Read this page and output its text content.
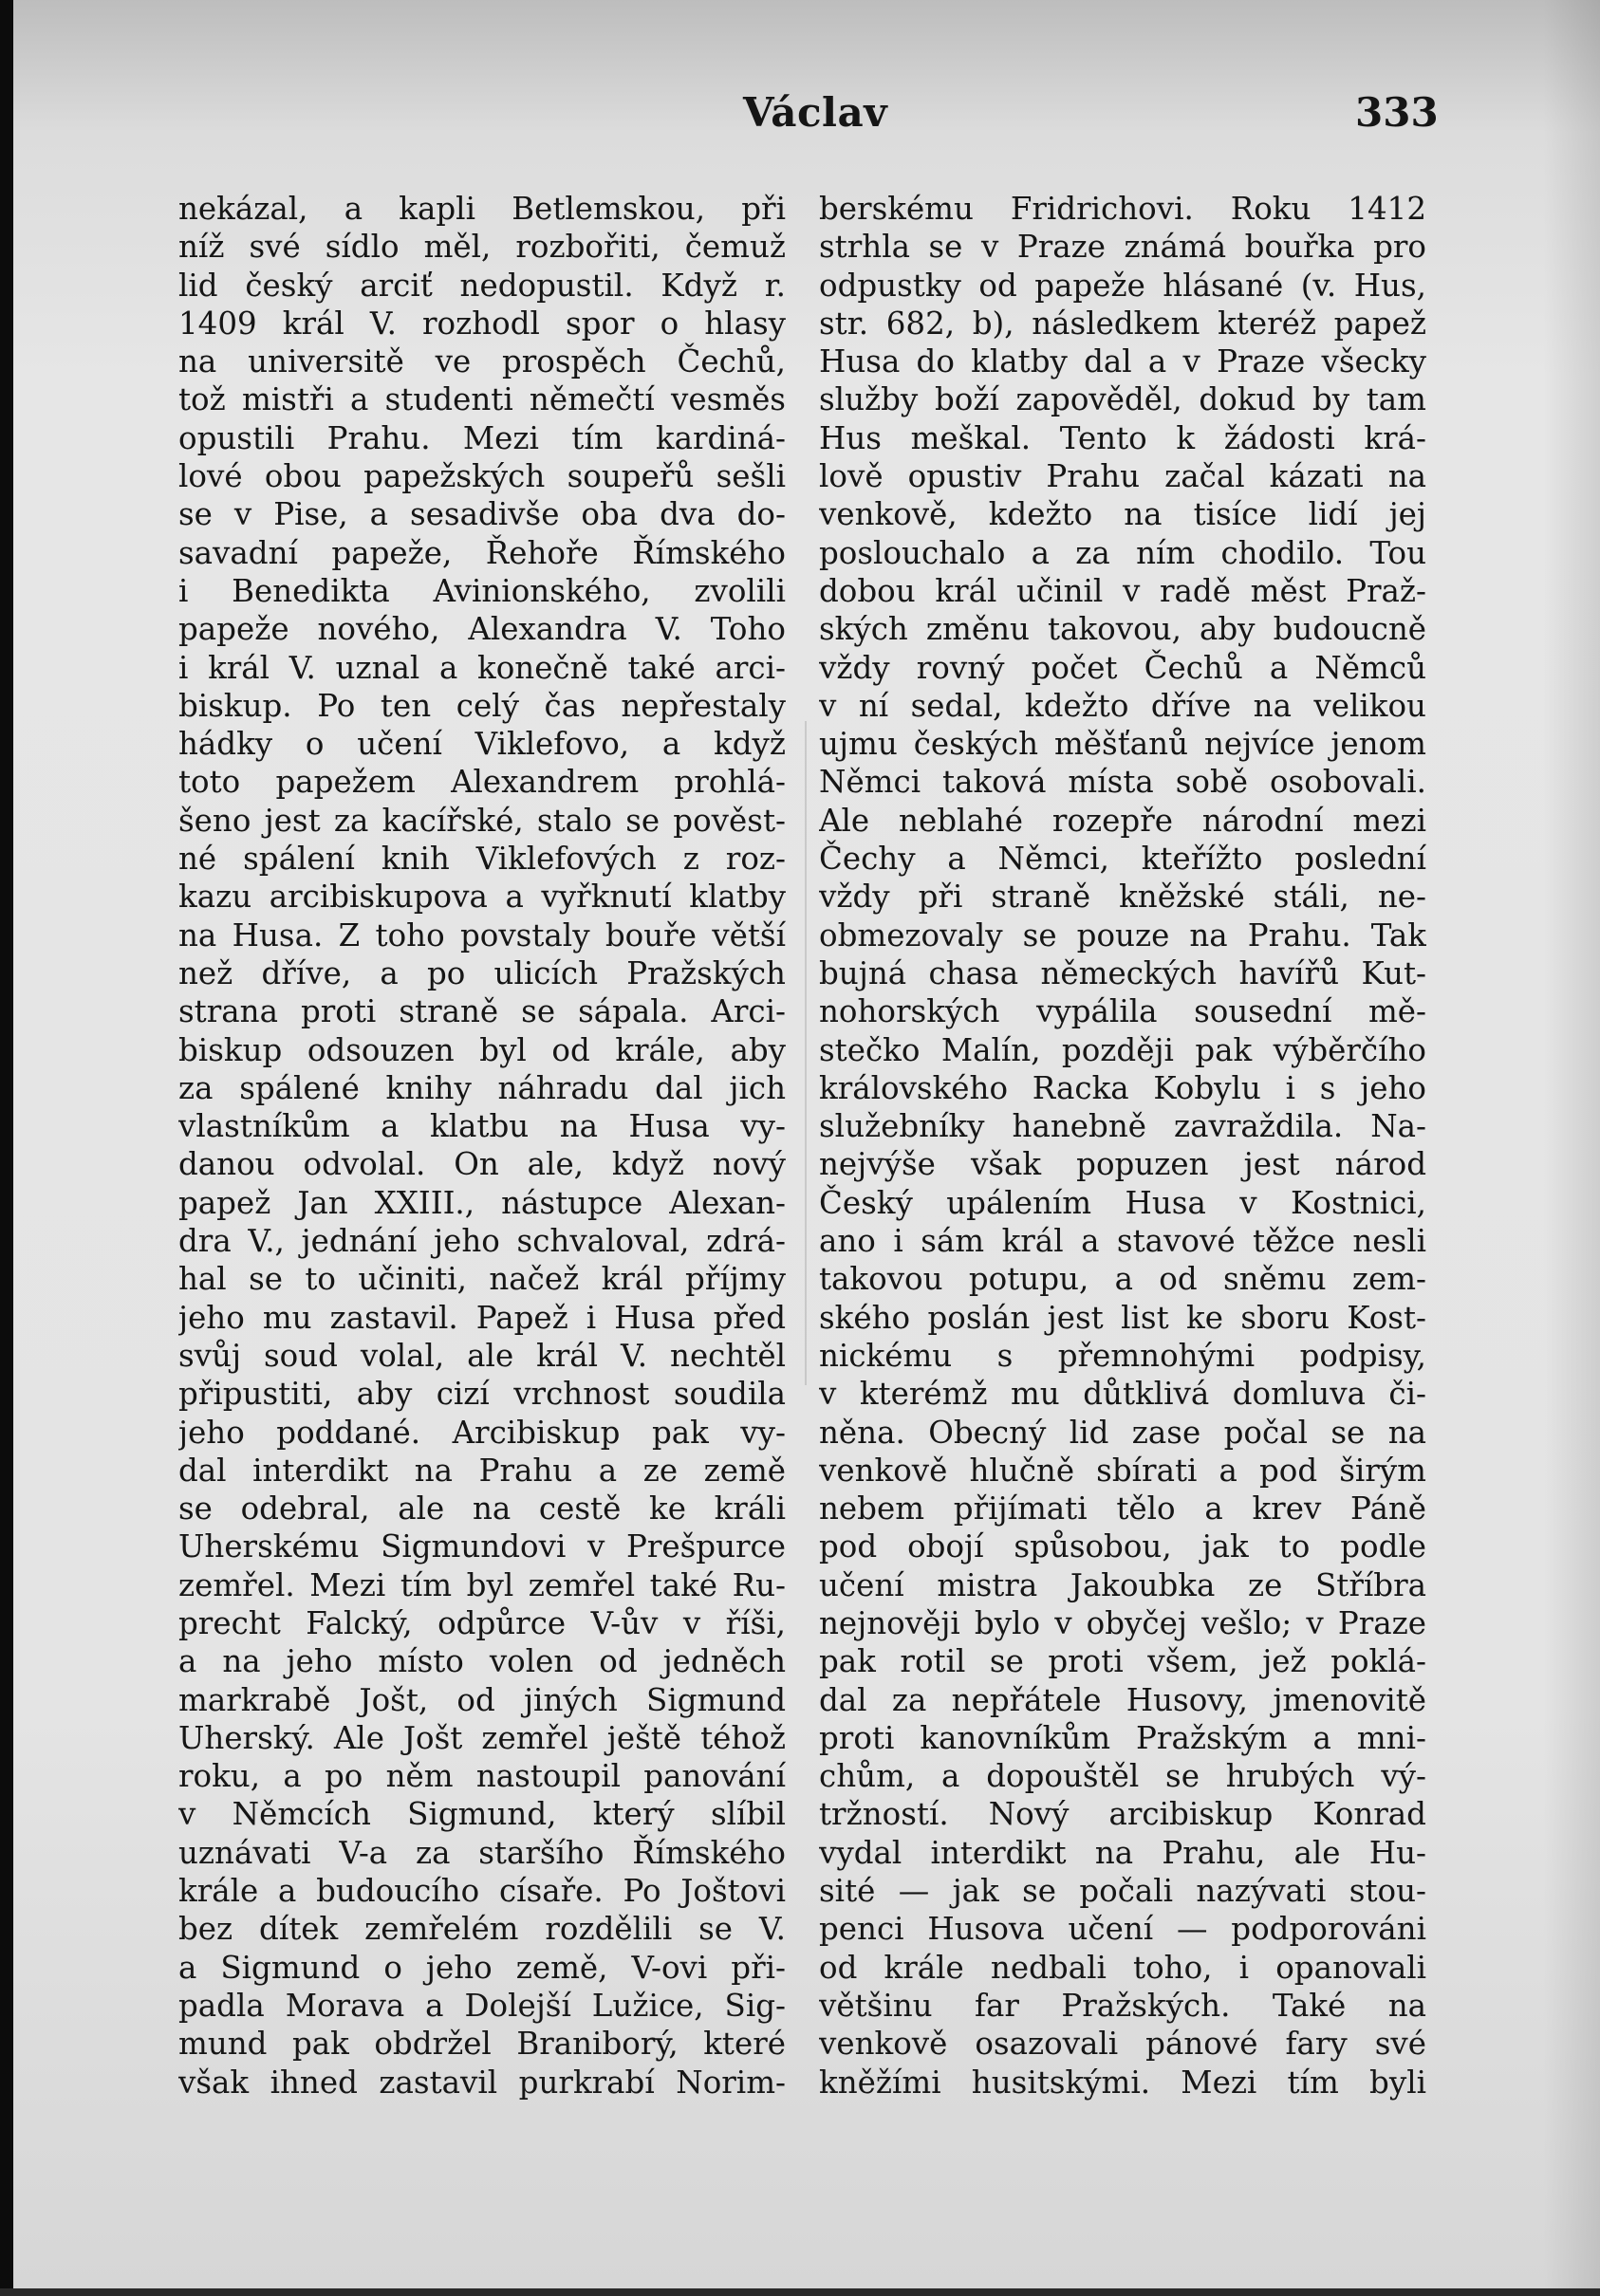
Václav	333
nekázal, a kapli Betlemskou, při
níž své sídlo měl, rozbořiti, čemuž
lid český arciť nedopustil. Když r.
1409 král V. rozhodl spor o hlasy
na universitě ve prospěch Čechů,
tož mistři a studenti němečtí vesměs
opustili Prahu. Mezi tím kardiná-
lové obou papežských soupeřů sešli
se v Pise, a sesadivše oba dva do-
savadní papeže, Řehoře Římského
i Benedikta Avinionského, zvolili
papeže nového, Alexandra V. Toho
i král V. uznal a konečně také arci-
biskup. Po ten celý čas nepřestaly
hádky o učení Viklefovo, a když
toto papežem Alexandrem prohlá-
šeno jest za kacířské, stalo se pověst-
né spálení knih Viklefových z roz-
kazu arcibiskupova a vyřknutí klatby
na Husa. Z toho povstaly bouře větší
než dříve, a po ulicích Pražských
strana proti straně se sápala. Arci-
biskup odsouzen byl od krále, aby
za spálené knihy náhradu dal jich
vlastníkům a klatbu na Husa vy-
danou odvolal. On ale, když nový
papež Jan XXIII., nástupce Alexan-
dra V., jednání jeho schvaloval, zdrá-
hal se to učiniti, načež král příjmy
jeho mu zastavil. Papež i Husa před
svůj soud volal, ale král V. nechtěl
připustiti, aby cizí vrchnost soudila
jeho poddané. Arcibiskup pak vy-
dal interdikt na Prahu a ze země
se odebral, ale na cestě ke králi
Uherskému Sigmundovi v Prešpurce
zemřel. Mezi tím byl zemřel také Ru-
precht Falcký, odpůrce V-ův v říši,
a na jeho místo volen od jedněch
markrabě Jošt, od jiných Sigmund
Uherský. Ale Jošt zemřel ještě téhož
roku, a po něm nastoupil panování
v Němcích Sigmund, který slíbil
uznávati V-a za staršího Římského
krále a budoucího císaře. Po Joštovi
bez dítek zemřelém rozdělili se V.
a Sigmund o jeho země, V-ovi při-
padla Morava a Dolejší Lužice, Sig-
mund pak obdržel Braniborý, které
však ihned zastavil purkrabí Norim-
berskému Fridrichovi. Roku 1412
strhla se v Praze známá bouřka pro
odpustky od papeže hlásané (v. Hus,
str. 682, b), následkem kteréž papež
Husa do klatby dal a v Praze všecky
služby boží zapověděl, dokud by tam
Hus meškal. Tento k žádosti krá-
lově opustiv Prahu začal kázati na
venkově, kdežto na tisíce lidí jej
poslouchalo a za ním chodilo. Tou
dobou král učinil v radě měst Praž-
ských změnu takovou, aby budoucně
vždy rovný počet Čechů a Němců
v ní sedal, kdežto dříve na velikou
ujmu českých měšťanů nejvíce jenom
Němci taková místa sobě osobovali.
Ale neblahé rozepře národní mezi
Čechy a Němci, kteřížto poslední
vždy při straně kněžské stáli, ne-
obmezovaly se pouze na Prahu. Tak
bujná chasa německých havířů Kut-
nohorských vypálila sousední mě-
stečko Malín, později pak výběrčího
královského Racka Kobylu i s jeho
služebníky hanebně zavraždila. Na-
nejvýše však popuzen jest národ
Český upálením Husa v Kostnici,
ano i sám král a stavové těžce nesli
takovou potupu, a od sněmu zem-
ského poslán jest list ke sboru Kost-
nickému s přemnohými podpisy,
v kterémž mu důtklivá domluva či-
něna. Obecný lid zase počal se na
venkově hlučně sbírati a pod širým
nebem přijímati tělo a krev Páně
pod obojí spůsobou, jak to podle
učení mistra Jakoubka ze Stříbra
nejnověji bylo v obyčej vešlo; v Praze
pak rotil se proti všem, jež poklá-
dal za nepřátele Husovy, jmenovitě
proti kanovníkům Pražským a mni-
chům, a dopouštěl se hrubých vý-
tržností. Nový arcibiskup Konrad
vydal interdikt na Prahu, ale Hu-
sité — jak se počali nazývati stou-
penci Husova učení — podporováni
od krále nedbali toho, i opanovali
většinu far Pražských. Také na
venkově osazovali pánové fary své
kněžími husitskými. Mezi tím byli
